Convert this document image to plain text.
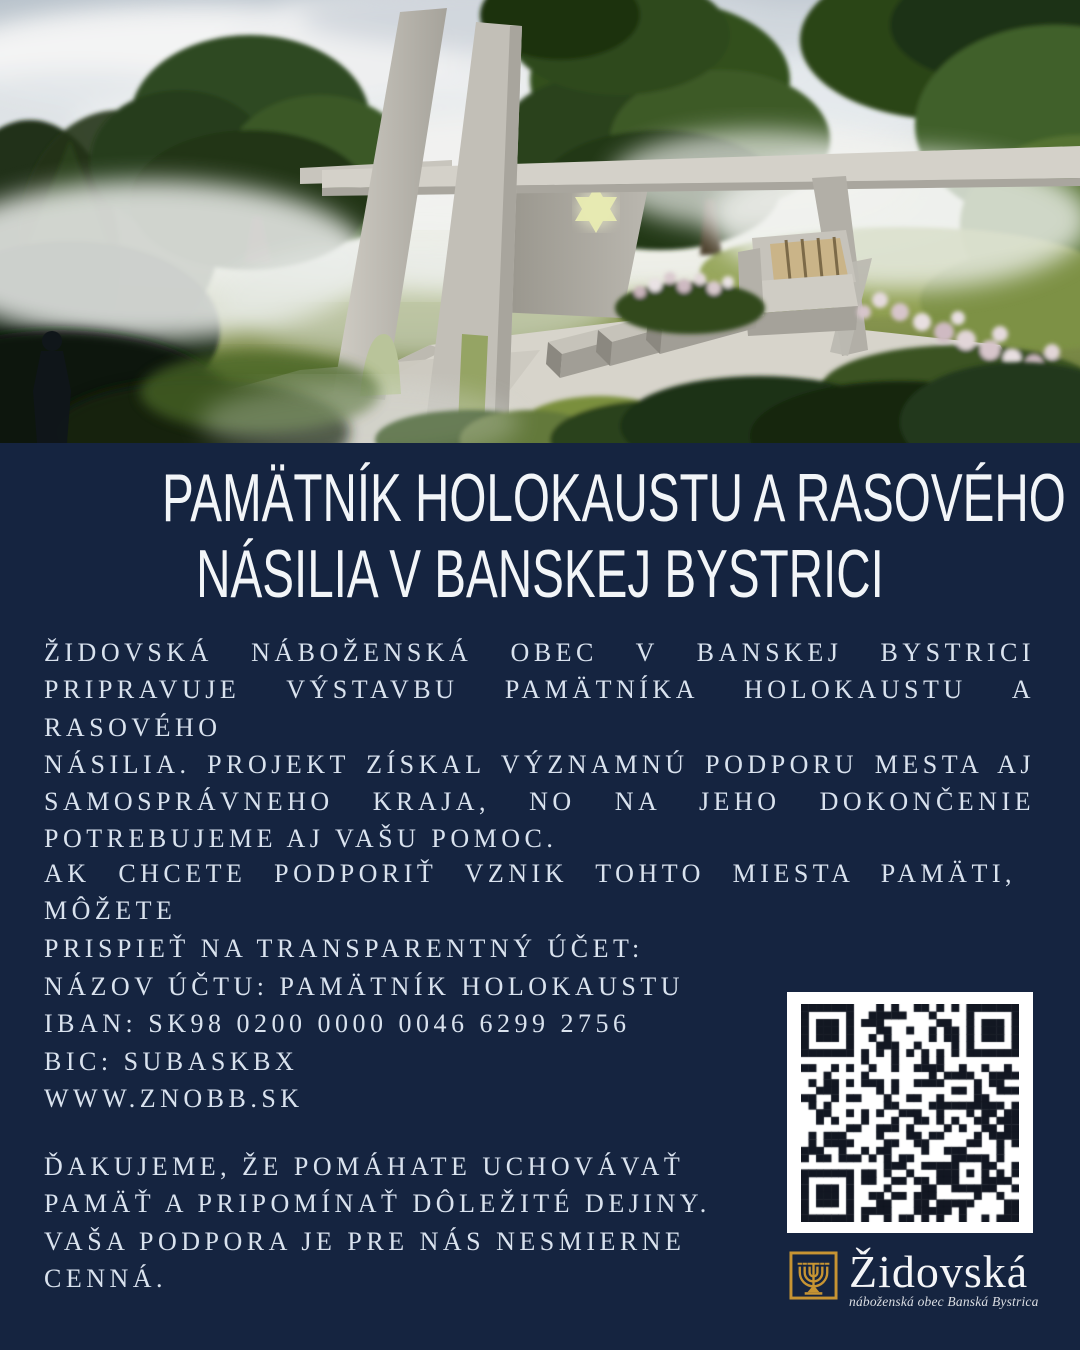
PAMÄTNÍK HOLOKAUSTU A RASOVÉHO
NÁSILIA V BANSKEJ BYSTRICI
ŽIDOVSKÁ NÁBOŽENSKÁ OBEC V BANSKEJ BYSTRICI
PRIPRAVUJE VÝSTAVBU PAMÄTNÍKA HOLOKAUSTU A RASOVÉHO
NÁSILIA. PROJEKT ZÍSKAL VÝZNAMNÚ PODPORU MESTA AJ
SAMOSPRÁVNEHO KRAJA, NO NA JEHO DOKONČENIE
POTREBUJEME AJ VAŠU POMOC.
AK CHCETE PODPORIŤ VZNIK TOHTO MIESTA PAMÄTI, MÔŽETE
PRISPIEŤ NA TRANSPARENTNÝ ÚČET:
NÁZOV ÚČTU: PAMÄTNÍK HOLOKAUSTU
IBAN: SK98 0200 0000 0046 6299 2756
BIC: SUBASKBX
WWW.ZNOBB.SK
ĎAKUJEME, ŽE POMÁHATE UCHOVÁVAŤ
PAMÄŤ A PRIPOMÍNAŤ DÔLEŽITÉ DEJINY.
VAŠA PODPORA JE PRE NÁS NESMIERNE
CENNÁ.	Židovská
náboženská obec Banská Bystrica
